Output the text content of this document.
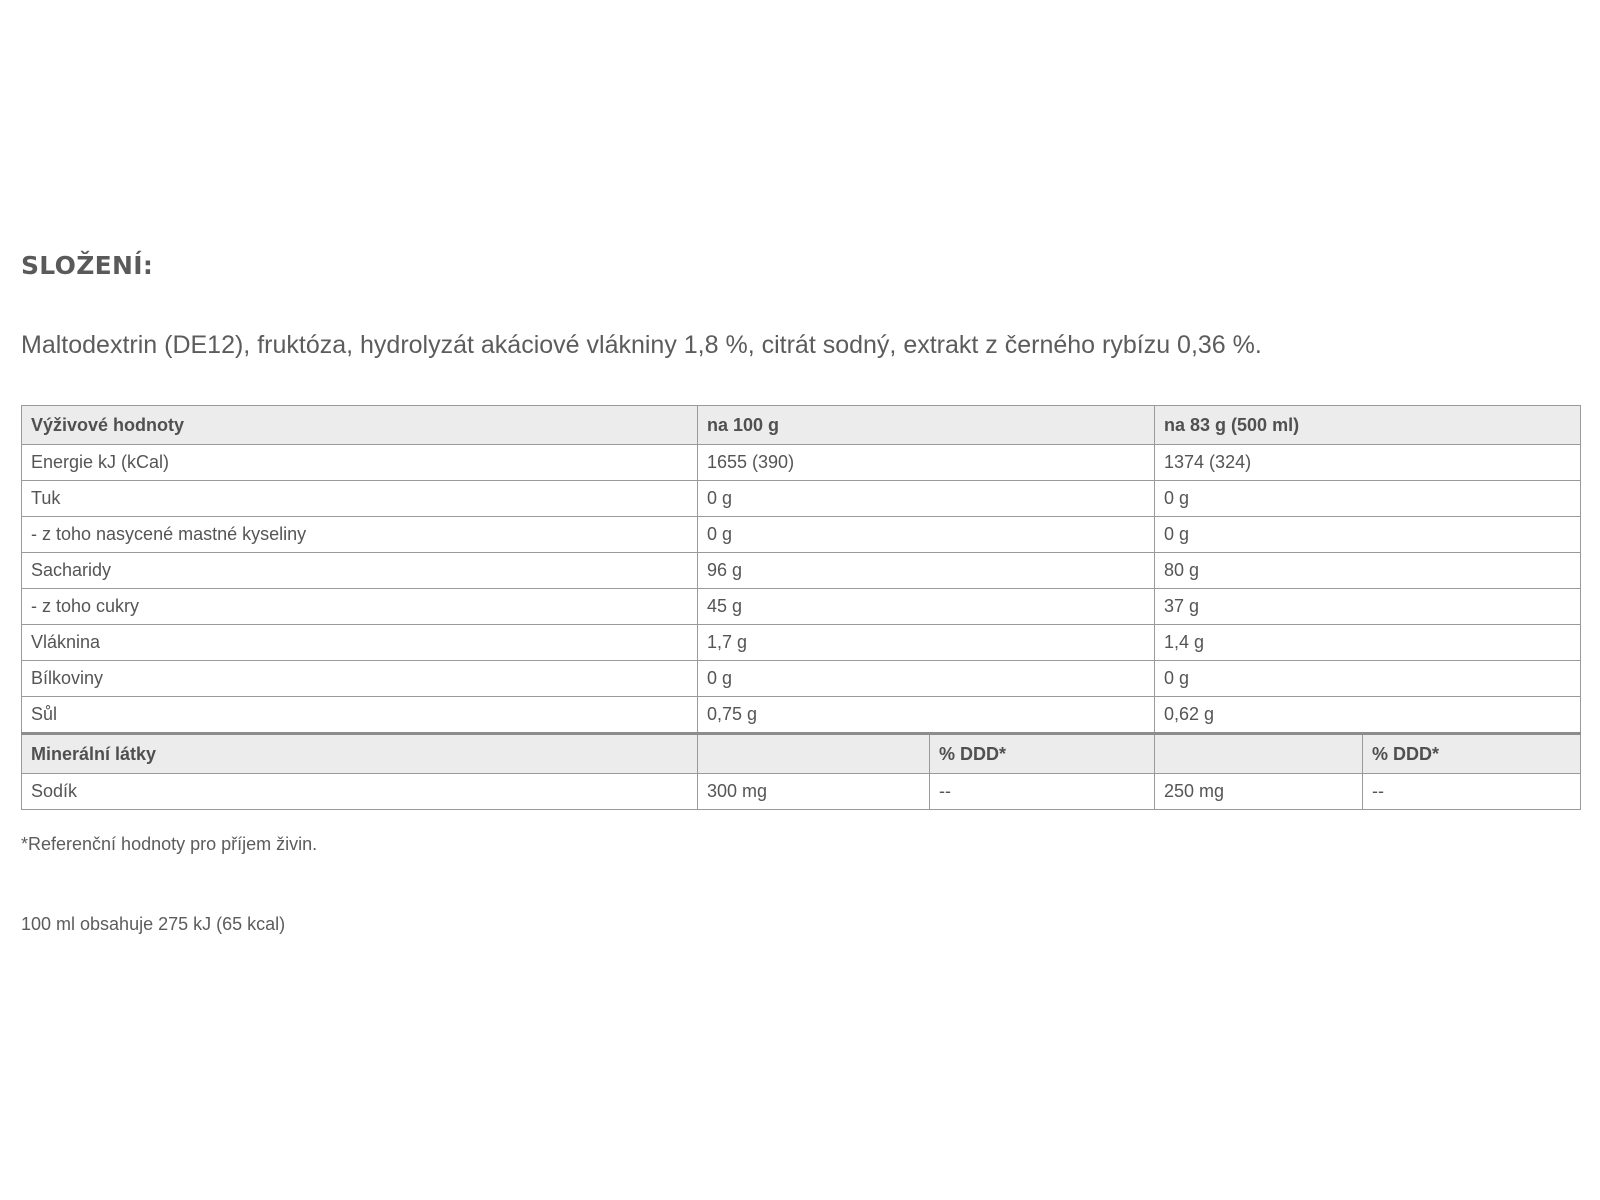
SLOŽENÍ:

Maltodextrin (DE12), fruktóza, hydrolyzát akáciové vlákniny 1,8 %, citrát sodný, extrakt z černého rybízu 0,36 %.

Výživové hodnoty	na 100 g		na 83 g (500 ml)	
Energie kJ (kCal)	1655 (390)		1374 (324)	
Tuk	0 g		0 g	
- z toho nasycené mastné kyseliny	0 g		0 g	
Sacharidy	96 g		80 g	
- z toho cukry	45 g		37 g	
Vláknina	1,7 g		1,4 g	
Bílkoviny	0 g		0 g	
Sůl	0,75 g		0,62 g	
Minerální látky		% DDD*		% DDD*
Sodík	300 mg	--	250 mg	--

*Referenční hodnoty pro příjem živin.

100 ml obsahuje 275 kJ (65 kcal)
